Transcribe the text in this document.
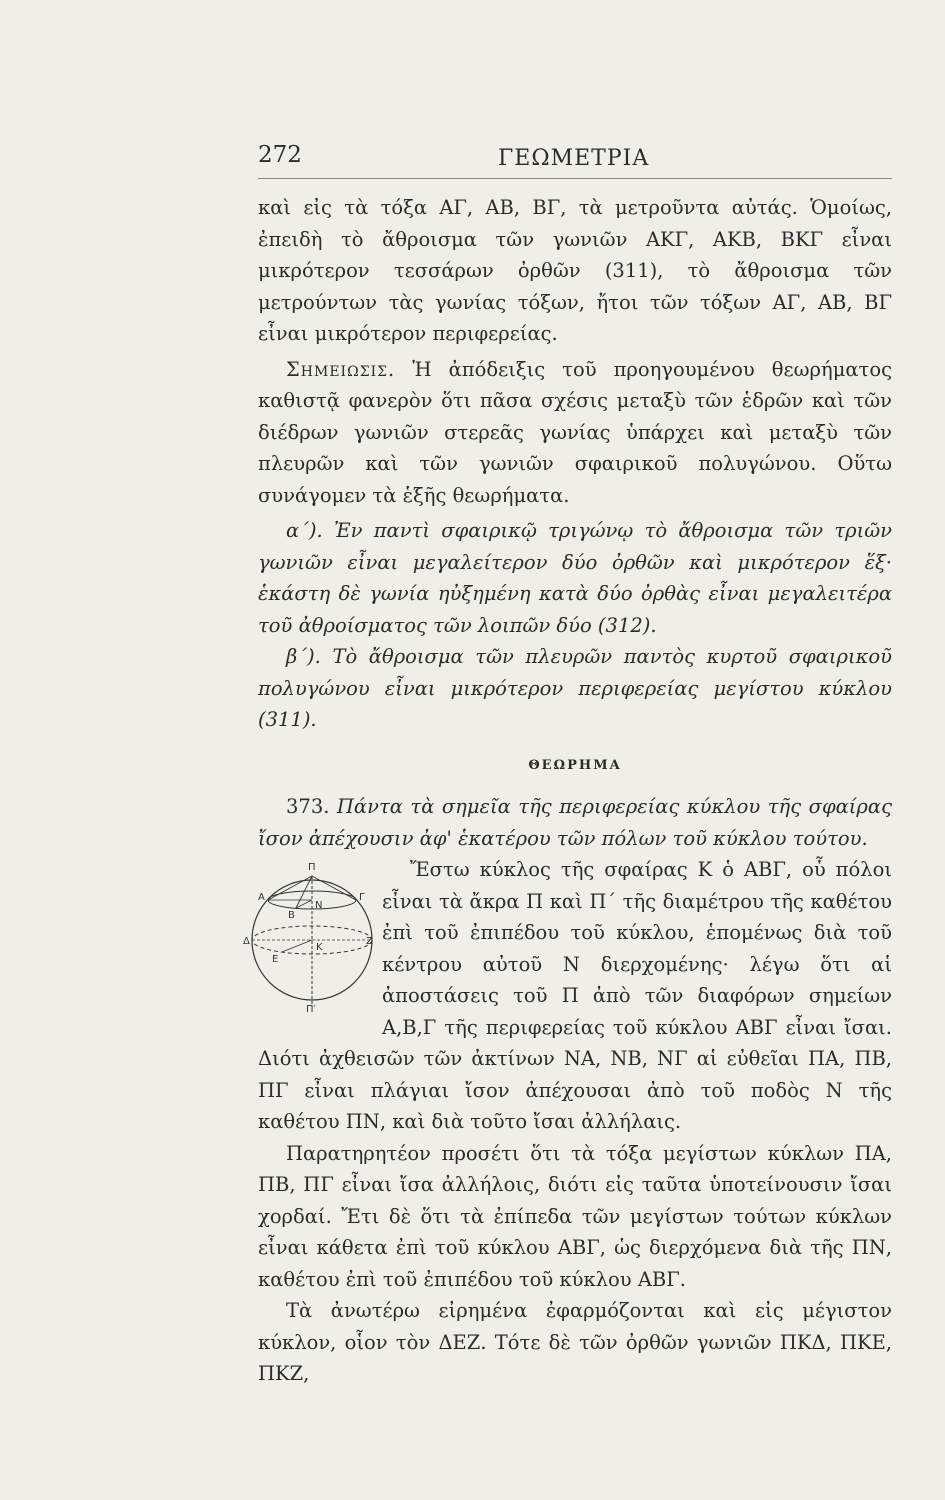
272	ΓΕΩΜΕΤΡΙΑ

καὶ εἰς τὰ τόξα ΑΓ, ΑΒ, ΒΓ, τὰ μετροῦντα αὐτάς. Ὁμοίως, ἐπειδὴ τὸ ἄθροισμα τῶν γωνιῶν ΑΚΓ, ΑΚΒ, ΒΚΓ εἶναι μικρότερον τεσσάρων ὀρθῶν (311), τὸ ἄθροισμα τῶν μετρούντων τὰς γωνίας τόξων, ἤτοι τῶν τόξων ΑΓ, ΑΒ, ΒΓ εἶναι μικρότερον περιφερείας.

Σημειωσις. Ἡ ἀπόδειξις τοῦ προηγουμένου θεωρήματος καθιστᾷ φανερὸν ὅτι πᾶσα σχέσις μεταξὺ τῶν ἑδρῶν καὶ τῶν διέδρων γωνιῶν στερεᾶς γωνίας ὑπάρχει καὶ μεταξὺ τῶν πλευρῶν καὶ τῶν γωνιῶν σφαιρικοῦ πολυγώνου. Οὕτω συνάγομεν τὰ ἑξῆς θεωρήματα.

α΄). Ἐν παντὶ σφαιρικῷ τριγώνῳ τὸ ἄθροισμα τῶν τριῶν γωνιῶν εἶναι μεγαλείτερον δύο ὀρθῶν καὶ μικρότερον ἕξ· ἑκάστη δὲ γωνία ηὐξημένη κατὰ δύο ὀρθὰς εἶναι μεγαλειτέρα τοῦ ἀθροίσματος τῶν λοιπῶν δύο (312).

β΄). Τὸ ἄθροισμα τῶν πλευρῶν παντὸς κυρτοῦ σφαιρικοῦ πολυγώνου εἶναι μικρότερον περιφερείας μεγίστου κύκλου (311).

ΘΕΩΡΗΜΑ

373. Πάντα τὰ σημεῖα τῆς περιφερείας κύκλου τῆς σφαίρας ἴσον ἀπέχουσιν ἀφ' ἑκατέρου τῶν πόλων τοῦ κύκλου τούτου.

Π
Π′
Α	Γ
Ν
Β
Δ
Κ
Ζ
Ε

Ἔστω κύκλος τῆς σφαίρας Κ ὁ ΑΒΓ, οὗ πόλοι εἶναι τὰ ἄκρα Π καὶ Π΄ τῆς διαμέτρου τῆς καθέτου ἐπὶ τοῦ ἐπιπέδου τοῦ κύκλου, ἑπομένως διὰ τοῦ κέντρου αὐτοῦ Ν διερχομένης· λέγω ὅτι αἱ ἀποστάσεις τοῦ Π ἀπὸ τῶν διαφόρων σημείων Α,Β,Γ τῆς περιφερείας τοῦ κύκλου ΑΒΓ εἶναι ἴσαι. Διότι ἀχθεισῶν τῶν ἀκτίνων ΝΑ, ΝΒ, ΝΓ αἱ εὐθεῖαι ΠΑ, ΠΒ, ΠΓ εἶναι πλάγιαι ἴσον ἀπέχουσαι ἀπὸ τοῦ ποδὸς Ν τῆς καθέτου ΠΝ, καὶ διὰ τοῦτο ἴσαι ἀλλήλαις.

Παρατηρητέον προσέτι ὅτι τὰ τόξα μεγίστων κύκλων ΠΑ, ΠΒ, ΠΓ εἶναι ἴσα ἀλλήλοις, διότι εἰς ταῦτα ὑποτείνουσιν ἴσαι χορδαί. Ἔτι δὲ ὅτι τὰ ἐπίπεδα τῶν μεγίστων τούτων κύκλων εἶναι κάθετα ἐπὶ τοῦ κύκλου ΑΒΓ, ὡς διερχόμενα διὰ τῆς ΠΝ, καθέτου ἐπὶ τοῦ ἐπιπέδου τοῦ κύκλου ΑΒΓ.

Τὰ ἀνωτέρω εἰρημένα ἐφαρμόζονται καὶ εἰς μέγιστον κύκλον, οἷον τὸν ΔΕΖ. Τότε δὲ τῶν ὀρθῶν γωνιῶν ΠΚΔ, ΠΚΕ, ΠΚΖ,
